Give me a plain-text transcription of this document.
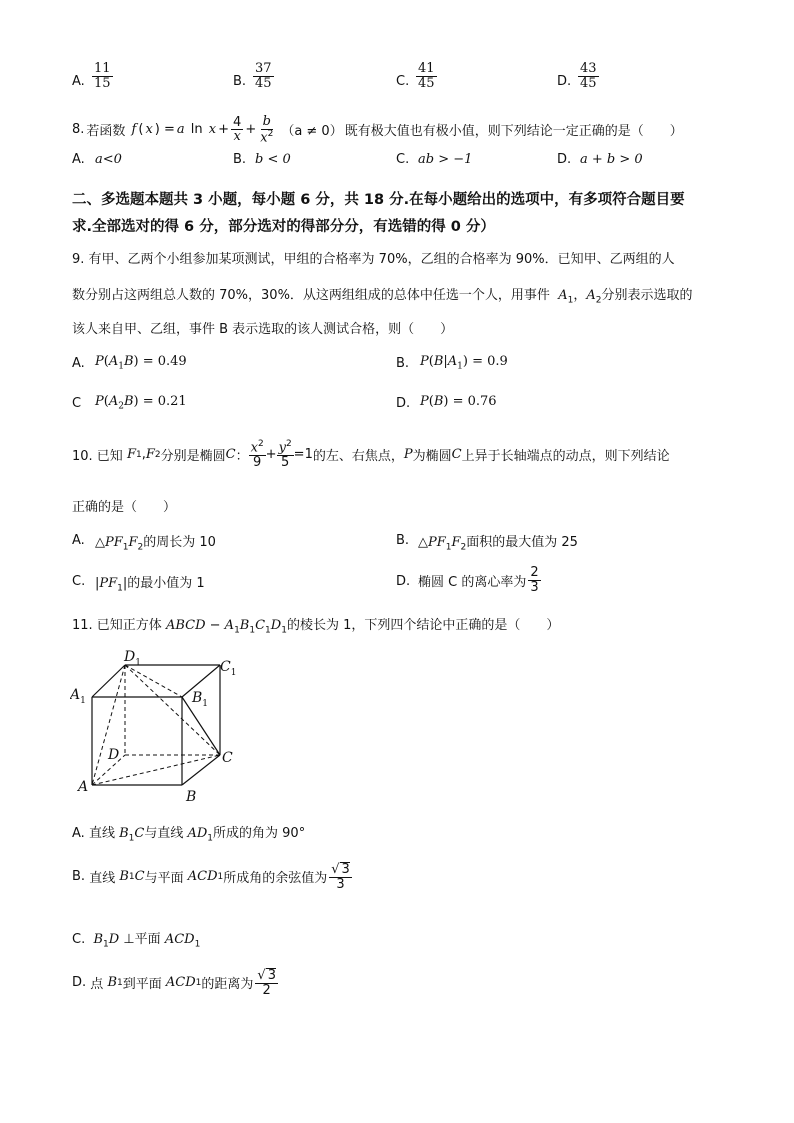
A. $\frac{11}{15}$	B. $\frac{37}{45}$	C. $\frac{41}{45}$	D. $\frac{43}{45}$
8. 若函数 f ( x ) = a $\ln x + \frac{4}{x} + \frac{b}{x^2} (a \ne 0)$ 既有极大值也有极小值，则下列结论一定正确的是（　　）
A. a<0	B. b < 0	C. ab > −1	D. a + b > 0
二、多选题本题共 3 小题，每小题 6 分，共 18 分.在每小题给出的选项中，有多项符合题目要
求.全部选对的得 6 分，部分选对的得部分分，有选错的得 0 分）
9. 有甲、乙两个小组参加某项测试，甲组的合格率为 70%，乙组的合格率为 90%．已知甲、乙两组的人
数分别占这两组总人数的 70%，30%．从这两组组成的总体中任选一个人，用事件  $A_1$，$A_2$分别表示选取的
该人来自甲、乙组，事件 B 表示选取的该人测试合格，则（　　）
A. $P(A_1B) = 0.49$	B. $P(B|A_1) = 0.9$
C $P(A_2B) = 0.21$	D. P(B) = 0.76
10. 已知 F 1 , F 2 分别是椭圆 C ： $\frac{x^2}{9} + \frac{y^2}{5} =1$ 的左、右焦点， P 为椭圆 C 上异于长轴端点的动点，则下列结论
正确的是（　　）
A. $\triangle PF_1F_2$的周长为 10	B. $\triangle PF_1F_2$面积的最大值为 25
C. $|PF_1|$的最小值为 1	D. 椭圆 C 的离心率为 $\frac{2}{3}$
11. 已知正方体 ABCD − $A_1B_1C_1D_1$的棱长为 1，下列四个结论中正确的是（　　）
$D_1$	$C_1$
$A_1$	$B_1$
D	C
A
B
A. 直线 $B_1C$与直线 $AD_1$所成的角为 90°
B.
直线 B 1 C 与平面 ACD 1 所成角的余弦值为 $\frac{√ 3}{3}$
C.  $B_1D$ ⊥平面 $ACD_1$
D.
点 B 1 到平面 ACD 1 的距离为 $\frac{√ 3}{2}$
